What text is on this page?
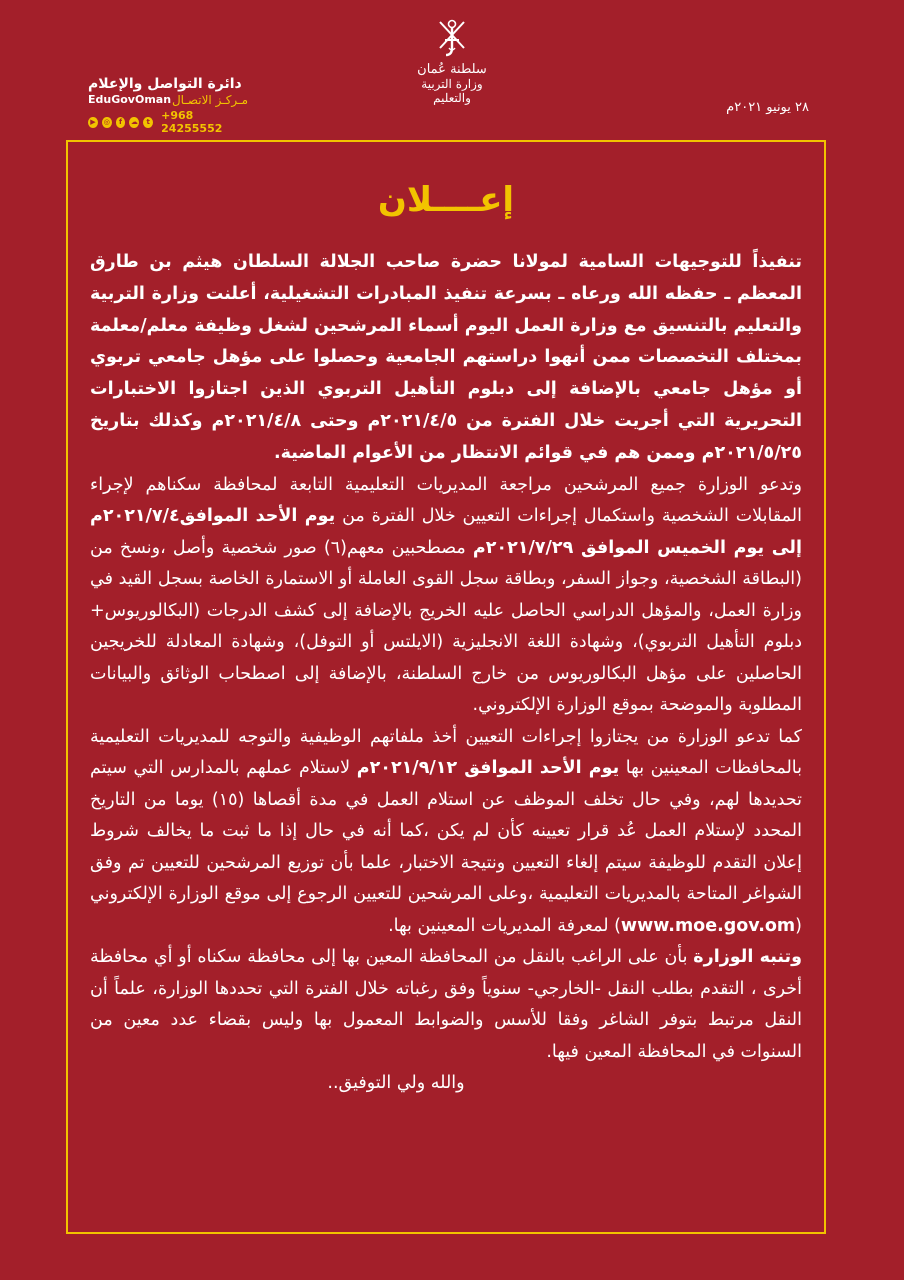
دائرة التواصل والإعلام
EduGovOman مـركـز الاتصـال
▶	◎	f	☁	t +968 24255552
سلطنة عُمان
وزارة التربية والتعليم
٢٨ يونيو ٢٠٢١م
إعــــلان

تنفيذاً للتوجيهات السامية لمولانا حضرة صاحب الجلالة السلطان هيثم بن طارق المعظم ـ حفظه الله ورعاه ـ بسرعة تنفيذ المبادرات التشغيلية، أعلنت وزارة التربية والتعليم بالتنسيق مع وزارة العمل اليوم أسماء المرشحين لشغل وظيفة معلم/معلمة بمختلف التخصصات ممن أنهوا دراستهم الجامعية وحصلوا على مؤهل جامعي تربوي أو مؤهل جامعي بالإضافة إلى دبلوم التأهيل التربوي الذين اجتازوا الاختبارات التحريرية التي أجريت خلال الفترة من ٢٠٢١/٤/٥م وحتى ٢٠٢١/٤/٨م وكذلك بتاريخ ٢٠٢١/٥/٢٥م وممن هم في قوائم الانتظار من الأعوام الماضية.

وتدعو الوزارة جميع المرشحين مراجعة المديريات التعليمية التابعة لمحافظة سكناهم لإجراء المقابلات الشخصية واستكمال إجراءات التعيين خلال الفترة من يوم الأحد الموافق٢٠٢١/٧/٤م إلى يوم الخميس الموافق ٢٠٢١/٧/٢٩م مصطحبين معهم(٦) صور شخصية وأصل ،ونسخ من (البطاقة الشخصية، وجواز السفر، وبطاقة سجل القوى العاملة أو الاستمارة الخاصة بسجل القيد في وزارة العمل، والمؤهل الدراسي الحاصل عليه الخريج بالإضافة إلى كشف الدرجات (البكالوريوس+ دبلوم التأهيل التربوي)، وشهادة اللغة الانجليزية (الايلتس أو التوفل)، وشهادة المعادلة للخريجين الحاصلين على مؤهل البكالوريوس من خارج السلطنة، بالإضافة إلى اصطحاب الوثائق والبيانات المطلوبة والموضحة بموقع الوزارة الإلكتروني.

كما تدعو الوزارة من يجتازوا إجراءات التعيين أخذ ملفاتهم الوظيفية والتوجه للمديريات التعليمية بالمحافظات المعينين بها يوم الأحد الموافق ٢٠٢١/٩/١٢م لاستلام عملهم بالمدارس التي سيتم تحديدها لهم، وفي حال تخلف الموظف عن استلام العمل في مدة أقصاها (١٥) يوما من التاريخ المحدد لإستلام العمل عُد قرار تعيينه كأن لم يكن ،كما أنه في حال إذا ما ثبت ما يخالف شروط إعلان التقدم للوظيفة سيتم إلغاء التعيين ونتيجة الاختبار، علما بأن توزيع المرشحين للتعيين تم وفق الشواغر المتاحة بالمديريات التعليمية ،وعلى المرشحين للتعيين الرجوع إلى موقع الوزارة الإلكتروني (www.moe.gov.om) لمعرفة المديريات المعينين بها.

وتنبه الوزارة بأن على الراغب بالنقل من المحافظة المعين بها إلى محافظة سكناه أو أي محافظة أخرى ، التقدم بطلب النقل -الخارجي- سنوياً وفق رغباته خلال الفترة التي تحددها الوزارة، علماً أن النقل مرتبط بتوفر الشاغر وفقا للأسس والضوابط المعمول بها وليس بقضاء عدد معين من السنوات في المحافظة المعين فيها.

والله ولي التوفيق..
